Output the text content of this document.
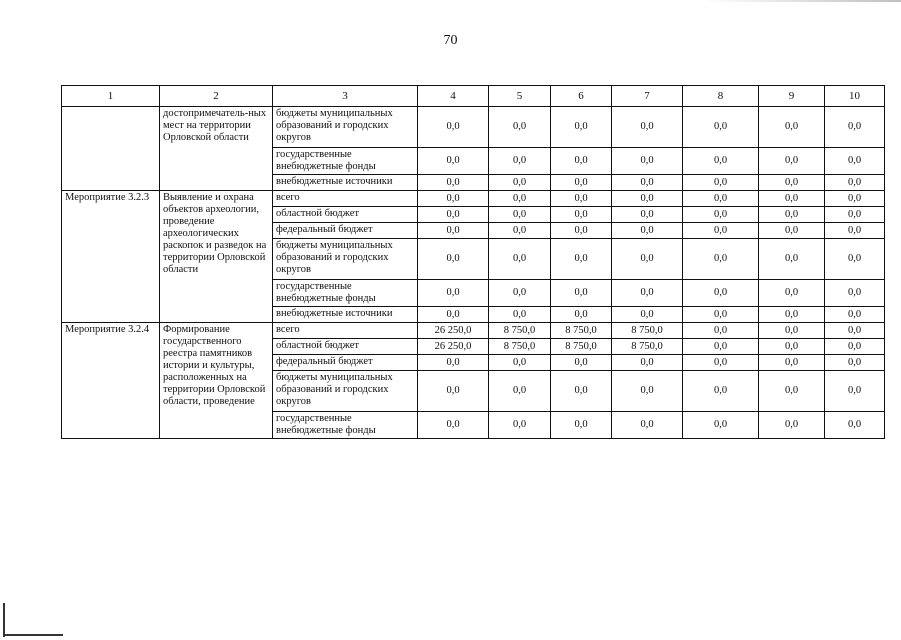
70
1	2	3	4	5	6	7	8	9	10
	достопримечатель-ных мест на территории Орловской области	бюджеты муниципальных образований и городских округов	0,0	0,0	0,0	0,0	0,0	0,0	0,0
		государственные внебюджетные фонды	0,0	0,0	0,0	0,0	0,0	0,0	0,0
		внебюджетные источники	0,0	0,0	0,0	0,0	0,0	0,0	0,0
Мероприятие 3.2.3	Выявление и охрана объектов археологии, проведение археологических раскопок и разведок на территории Орловской области	всего	0,0	0,0	0,0	0,0	0,0	0,0	0,0
		областной бюджет	0,0	0,0	0,0	0,0	0,0	0,0	0,0
		федеральный бюджет	0,0	0,0	0,0	0,0	0,0	0,0	0,0
		бюджеты муниципальных образований и городских округов	0,0	0,0	0,0	0,0	0,0	0,0	0,0
		государственные внебюджетные фонды	0,0	0,0	0,0	0,0	0,0	0,0	0,0
		внебюджетные источники	0,0	0,0	0,0	0,0	0,0	0,0	0,0
Мероприятие 3.2.4	Формирование государственного реестра памятников истории и культуры, расположенных на территории Орловской области, проведение	всего	26 250,0	8 750,0	8 750,0	8 750,0	0,0	0,0	0,0
		областной бюджет	26 250,0	8 750,0	8 750,0	8 750,0	0,0	0,0	0,0
		федеральный бюджет	0,0	0,0	0,0	0,0	0,0	0,0	0,0
		бюджеты муниципальных образований и городских округов	0,0	0,0	0,0	0,0	0,0	0,0	0,0
		государственные внебюджетные фонды	0,0	0,0	0,0	0,0	0,0	0,0	0,0
